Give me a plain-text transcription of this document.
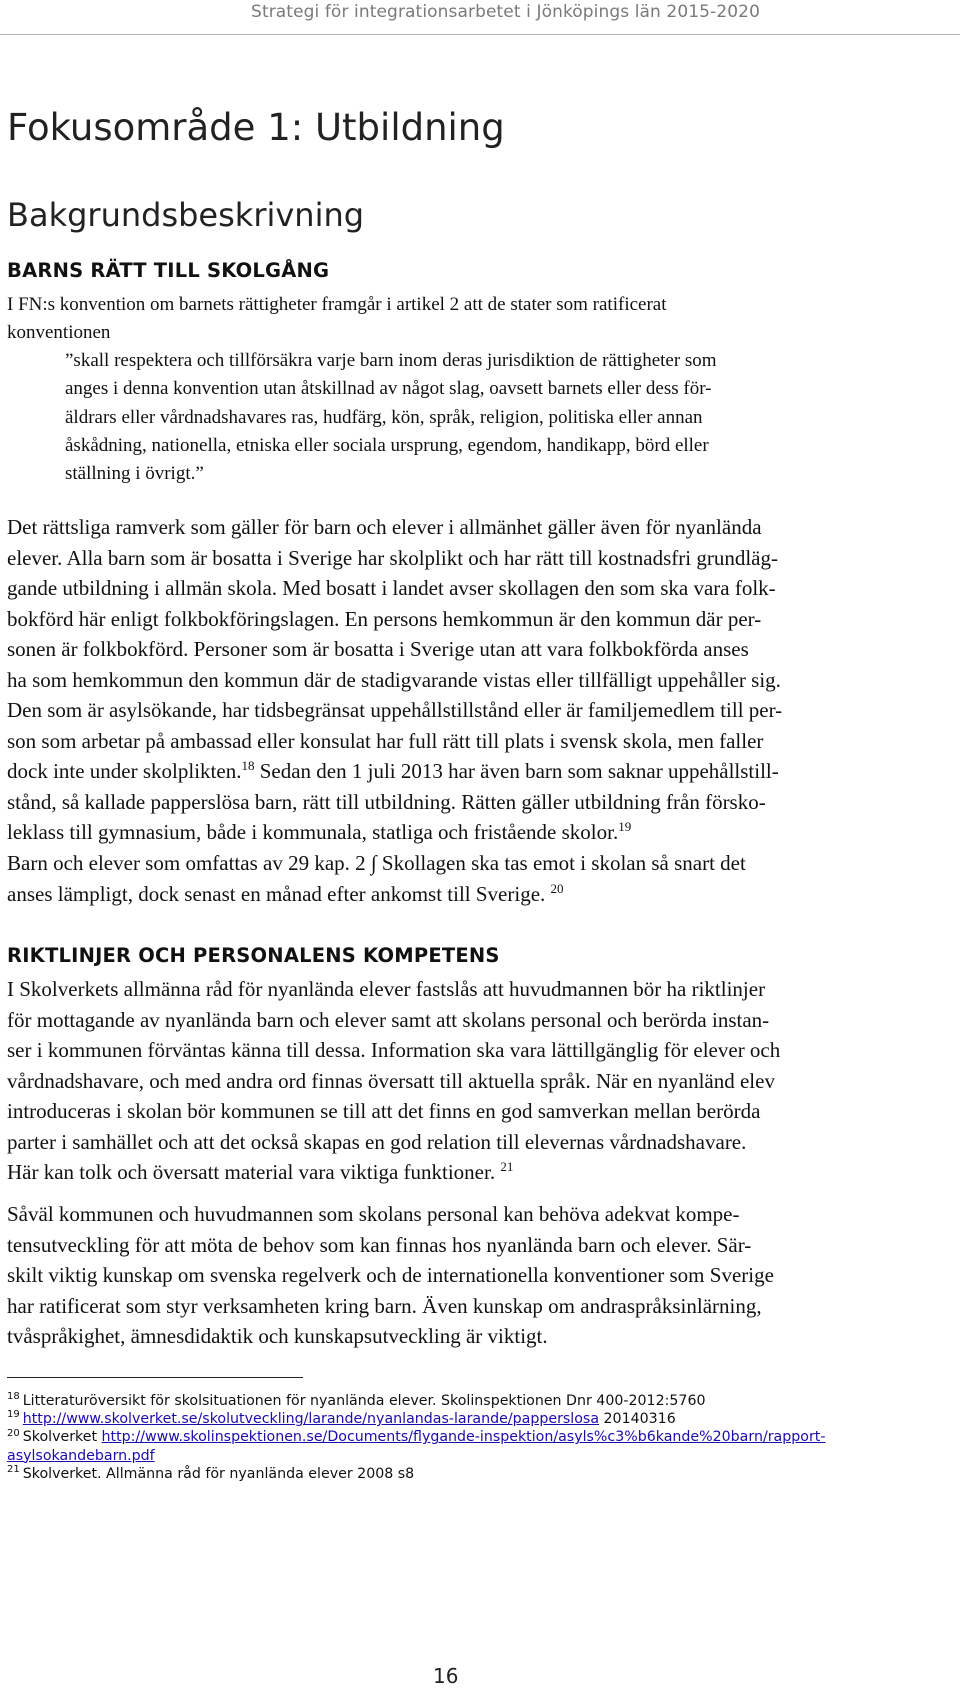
Strategi för integrationsarbetet i Jönköpings län 2015-2020
Fokusområde 1: Utbildning
Bakgrundsbeskrivning
BARNS RÄTT TILL SKOLGÅNG
I FN:s konvention om barnets rättigheter framgår i artikel 2 att de stater som ratificerat
konventionen
”skall respektera och tillförsäkra varje barn inom deras jurisdiktion de rättigheter som
anges i denna konvention utan åtskillnad av något slag, oavsett barnets eller dess för-
äldrars eller vårdnadshavares ras, hudfärg, kön, språk, religion, politiska eller annan
åskådning, nationella, etniska eller sociala ursprung, egendom, handikapp, börd eller
ställning i övrigt.”
Det rättsliga ramverk som gäller för barn och elever i allmänhet gäller även för nyanlända
elever. Alla barn som är bosatta i Sverige har skolplikt och har rätt till kostnadsfri grundläg-
gande utbildning i allmän skola. Med bosatt i landet avser skollagen den som ska vara folk-
bokförd här enligt folkbokföringslagen. En persons hemkommun är den kommun där per-
sonen är folkbokförd. Personer som är bosatta i Sverige utan att vara folkbokförda anses
ha som hemkommun den kommun där de stadigvarande vistas eller tillfälligt uppehåller sig.
Den som är asylsökande, har tidsbegränsat uppehållstillstånd eller är familjemedlem till per-
son som arbetar på ambassad eller konsulat har full rätt till plats i svensk skola, men faller
dock inte under skolplikten.$^{18}$ Sedan den 1 juli 2013 har även barn som saknar uppehållstill-
stånd, så kallade papperslösa barn, rätt till utbildning. Rätten gäller utbildning från försko-
leklass till gymnasium, både i kommunala, statliga och fristående skolor.$^{19}$
Barn och elever som omfattas av 29 kap. 2 ∫ Skollagen ska tas emot i skolan så snart det
anses lämpligt, dock senast en månad efter ankomst till Sverige. $^{20}$
RIKTLINJER OCH PERSONALENS KOMPETENS
I Skolverkets allmänna råd för nyanlända elever fastslås att huvudmannen bör ha riktlinjer
för mottagande av nyanlända barn och elever samt att skolans personal och berörda instan-
ser i kommunen förväntas känna till dessa. Information ska vara lättillgänglig för elever och
vårdnadshavare, och med andra ord finnas översatt till aktuella språk. När en nyanländ elev
introduceras i skolan bör kommunen se till att det finns en god samverkan mellan berörda
parter i samhället och att det också skapas en god relation till elevernas vårdnadshavare.
Här kan tolk och översatt material vara viktiga funktioner. $^{21}$
Såväl kommunen och huvudmannen som skolans personal kan behöva adekvat kompe-
tensutveckling för att möta de behov som kan finnas hos nyanlända barn och elever. Sär-
skilt viktig kunskap om svenska regelverk och de internationella konventioner som Sverige
har ratificerat som styr verksamheten kring barn. Även kunskap om andraspråksinlärning,
tvåspråkighet, ämnesdidaktik och kunskapsutveckling är viktigt.
$^{18}$ Litteraturöversikt för skolsituationen för nyanlända elever. Skolinspektionen Dnr 400-2012:5760
$^{19}$ http://www.skolverket.se/skolutveckling/larande/nyanlandas-larande/papperslosa 20140316
$^{20}$ Skolverket http://www.skolinspektionen.se/Documents/flygande-inspektion/asyls%c3%b6kande%20barn/rapport-
asylsokandebarn.pdf
$^{21}$ Skolverket. Allmänna råd för nyanlända elever 2008 s8
16
